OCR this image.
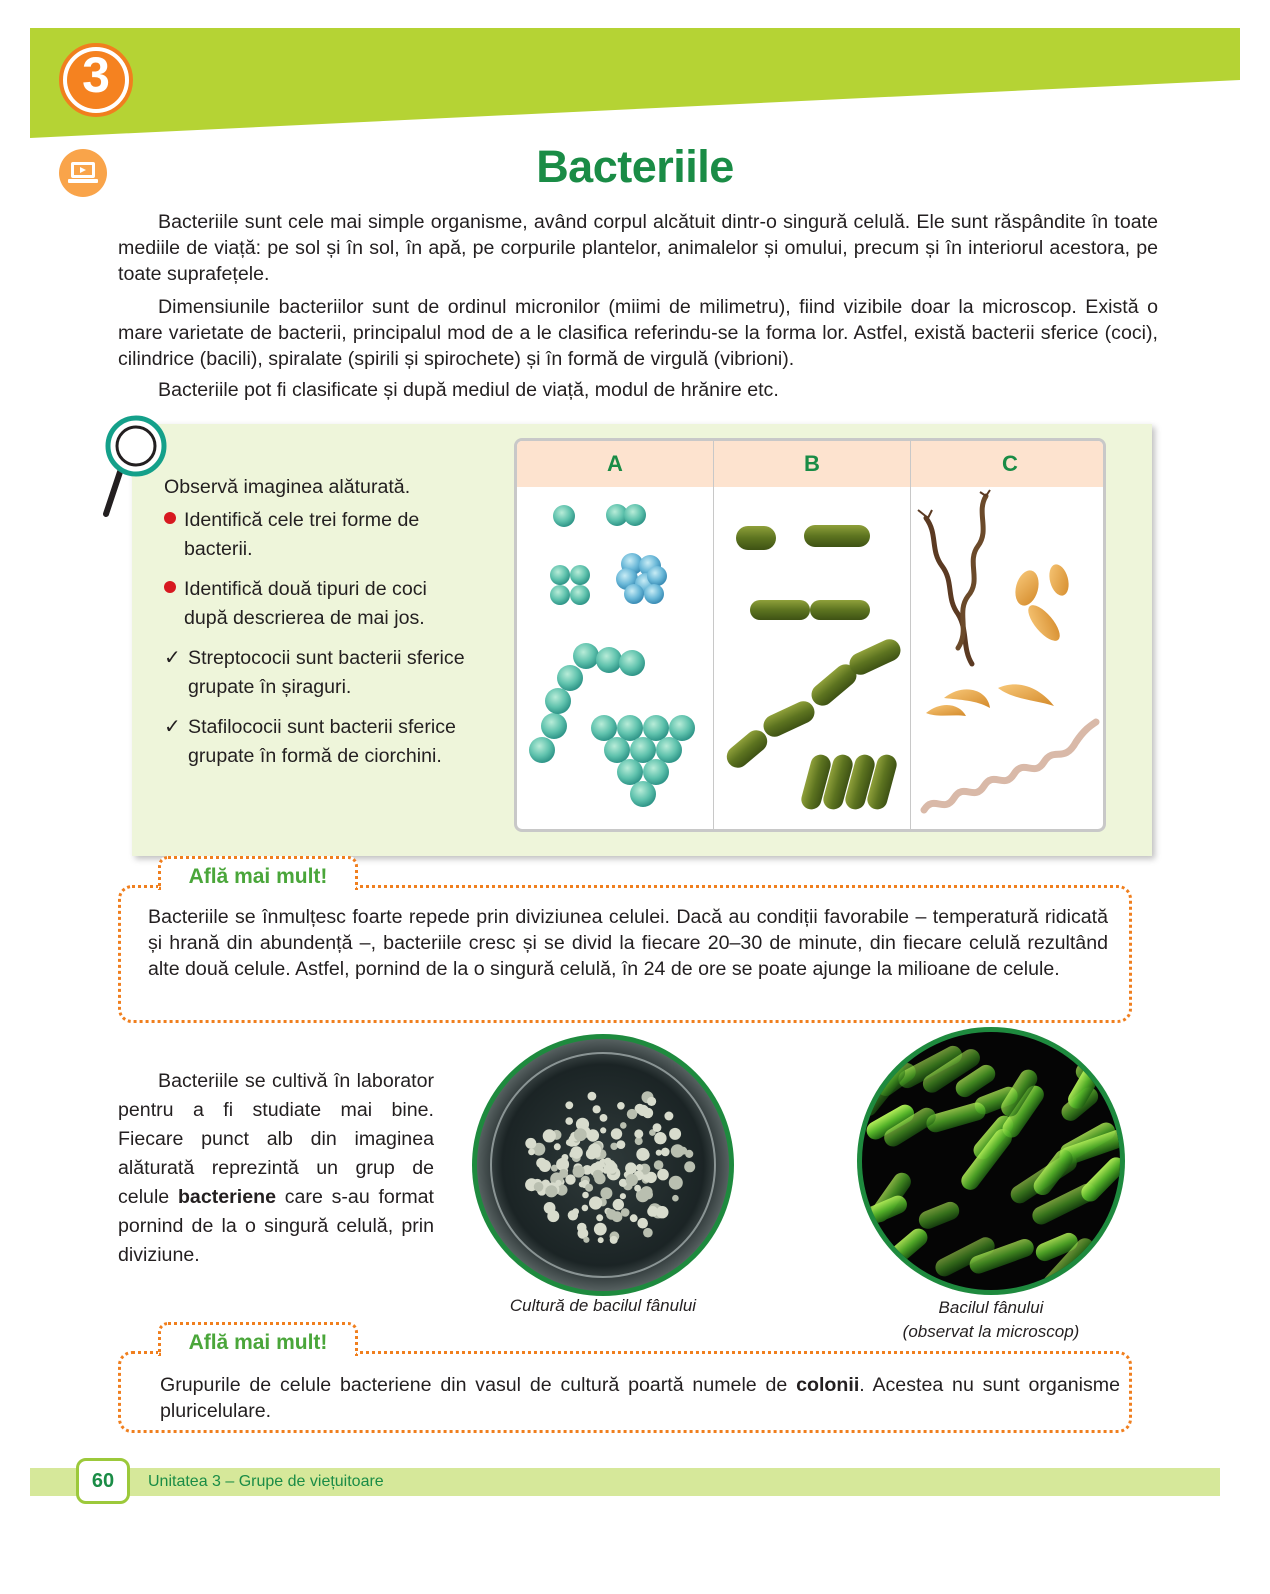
3
Bacteriile

Bacteriile sunt cele mai simple organisme, având corpul alcătuit dintr-o singură celulă. Ele sunt răspândite în toate mediile de viață: pe sol și în sol, în apă, pe corpurile plantelor, animalelor și omului, precum și în interiorul acestora, pe toate suprafețele.

Dimensiunile bacteriilor sunt de ordinul micronilor (miimi de milimetru), fiind vizibile doar la microscop. Există o mare varietate de bacterii, principalul mod de a le clasifica referindu-se la forma lor. Astfel, există bacterii sferice (coci), cilindrice (bacili), spiralate (spirili și spirochete) și în formă de virgulă (vibrioni).

Bacteriile pot fi clasificate și după mediul de viață, modul de hrănire etc.

Observă imaginea alăturată.
Identifică cele trei forme de bacterii.
Identifică două tipuri de coci după descrierea de mai jos.
✓ Streptococii sunt bacterii sferice grupate în șiraguri.
✓ Stafilococii sunt bacterii sferice grupate în formă de ciorchini.
A	B	C
Află mai mult!

Bacteriile se înmulțesc foarte repede prin diviziunea celulei. Dacă au condiții favorabile – temperatură ridicată și hrană din abundență –, bacteriile cresc și se divid la fiecare 20–30 de minute, din fiecare celulă rezultând alte două celule. Astfel, pornind de la o singură celulă, în 24 de ore se poate ajunge la milioane de celule.

Bacteriile se cultivă în laborator pentru a fi studiate mai bine. Fiecare punct alb din imaginea alăturată reprezintă un grup de celule bacteriene care s-au format pornind de la o singură celulă, prin diviziune.

Cultură de bacilul fânului	Bacilul fânului
(observat la microscop)
Află mai mult!

Grupurile de celule bacteriene din vasul de cultură poartă numele de colonii. Acestea nu sunt organisme pluricelulare.

60	Unitatea 3 – Grupe de viețuitoare
